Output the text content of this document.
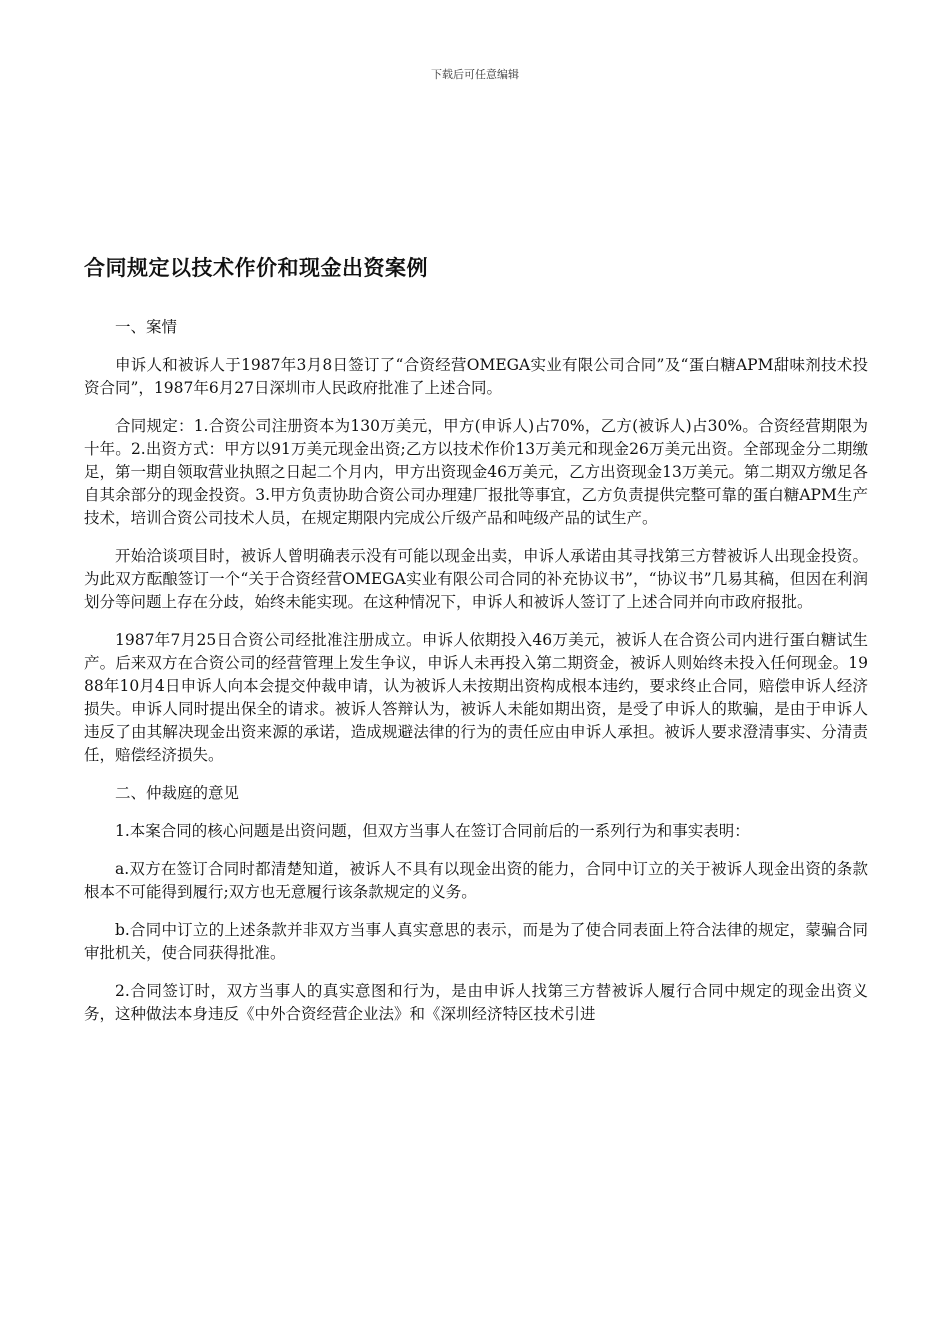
下载后可任意编辑
合同规定以技术作价和现金出资案例

一、案情

申诉人和被诉人于1987年3月8日签订了“合资经营OMEGA实业有限公司合同”及“蛋白糖APM甜味剂技术投资合同”，1987年6月27日深圳市人民政府批准了上述合同。

合同规定：1.合资公司注册资本为130万美元，甲方(申诉人)占70%，乙方(被诉人)占30%。合资经营期限为十年。2.出资方式：甲方以91万美元现金出资;乙方以技术作价13万美元和现金26万美元出资。全部现金分二期缴足，第一期自领取营业执照之日起二个月内，甲方出资现金46万美元，乙方出资现金13万美元。第二期双方缴足各自其余部分的现金投资。3.甲方负责协助合资公司办理建厂报批等事宜，乙方负责提供完整可靠的蛋白糖APM生产技术，培训合资公司技术人员，在规定期限内完成公斤级产品和吨级产品的试生产。

开始洽谈项目时，被诉人曾明确表示没有可能以现金出卖，申诉人承诺由其寻找第三方替被诉人出现金投资。为此双方酝酿签订一个“关于合资经营OMEGA实业有限公司合同的补充协议书”，“协议书”几易其稿，但因在利润划分等问题上存在分歧，始终未能实现。在这种情况下，申诉人和被诉人签订了上述合同并向市政府报批。

1987年7月25日合资公司经批准注册成立。申诉人依期投入46万美元，被诉人在合资公司内进行蛋白糖试生产。后来双方在合资公司的经营管理上发生争议，申诉人未再投入第二期资金，被诉人则始终未投入任何现金。1988年10月4日申诉人向本会提交仲裁申请，认为被诉人未按期出资构成根本违约，要求终止合同，赔偿申诉人经济损失。申诉人同时提出保全的请求。被诉人答辩认为，被诉人未能如期出资，是受了申诉人的欺骗，是由于申诉人违反了由其解决现金出资来源的承诺，造成规避法律的行为的责任应由申诉人承担。被诉人要求澄清事实、分清责任，赔偿经济损失。

二、仲裁庭的意见

1.本案合同的核心问题是出资问题，但双方当事人在签订合同前后的一系列行为和事实表明：

a.双方在签订合同时都清楚知道，被诉人不具有以现金出资的能力，合同中订立的关于被诉人现金出资的条款根本不可能得到履行;双方也无意履行该条款规定的义务。

b.合同中订立的上述条款并非双方当事人真实意思的表示，而是为了使合同表面上符合法律的规定，蒙骗合同审批机关，使合同获得批准。

2.合同签订时，双方当事人的真实意图和行为，是由申诉人找第三方替被诉人履行合同中规定的现金出资义务，这种做法本身违反《中外合资经营企业法》和《深圳经济特区技术引进
